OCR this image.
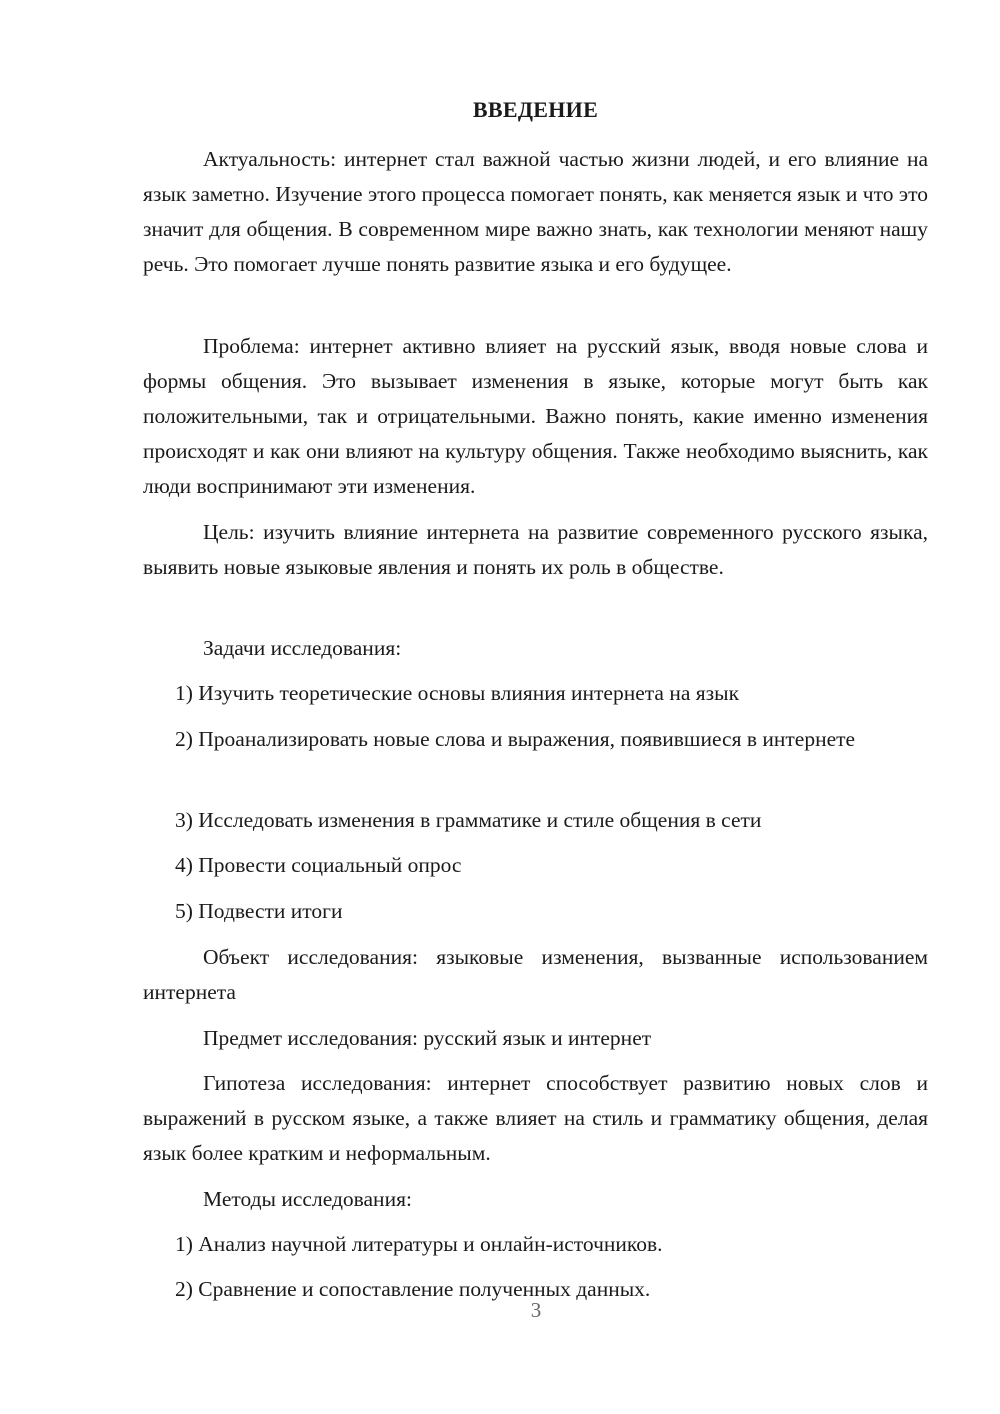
ВВЕДЕНИЕ

Актуальность: интернет стал важной частью жизни людей, и его влияние на язык заметно. Изучение этого процесса помогает понять, как меняется язык и что это значит для общения. В современном мире важно знать, как технологии меняют нашу речь. Это помогает лучше понять развитие языка и его будущее.

Проблема: интернет активно влияет на русский язык, вводя новые слова и формы общения. Это вызывает изменения в языке, которые могут быть как положительными, так и отрицательными. Важно понять, какие именно изменения происходят и как они влияют на культуру общения. Также необходимо выяснить, как люди воспринимают эти изменения.

Цель: изучить влияние интернета на развитие современного русского языка, выявить новые языковые явления и понять их роль в обществе.

Задачи исследования:

1) Изучить теоретические основы влияния интернета на язык

2) Проанализировать новые слова и выражения, появившиеся в интернете

3) Исследовать изменения в грамматике и стиле общения в сети

4) Провести социальный опрос

5) Подвести итоги

Объект исследования: языковые изменения, вызванные использованием интернета

Предмет исследования: русский язык и интернет

Гипотеза исследования: интернет способствует развитию новых слов и выражений в русском языке, а также влияет на стиль и грамматику общения, делая язык более кратким и неформальным.

Методы исследования:

1) Анализ научной литературы и онлайн-источников.

2) Сравнение и сопоставление полученных данных.

3
